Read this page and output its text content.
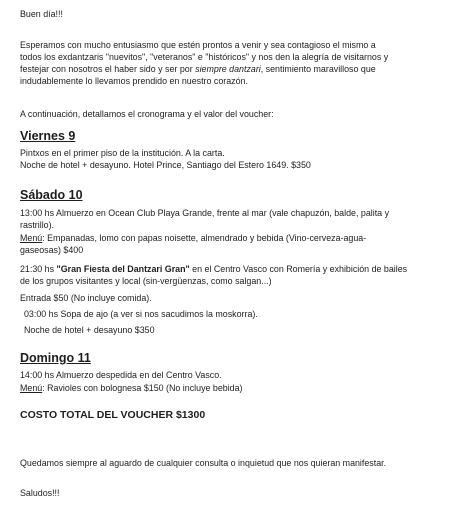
Buen día!!!
Esperamos con mucho entusiasmo que estén prontos a venir y sea contagioso el mismo a
todos los exdantzaris "nuevitos", "veteranos" e "históricos" y nos den la alegría de visitarnos y
festejar con nosotros el haber sido y ser por siempre dantzari, sentimiento maravilloso que
indudablemente lo llevamos prendido en nuestro corazón.
A continuación, detallamos el cronograma y el valor del voucher:
Viernes 9
Pintxos en el primer piso de la institución. A la carta.
Noche de hotel + desayuno. Hotel Prince, Santiago del Estero 1649. $350
Sábado 10
13:00 hs Almuerzo en Ocean Club Playa Grande, frente al mar (vale chapuzón, balde, palita y
rastrillo).
Menú: Empanadas, lomo con papas noisette, almendrado y bebida (Vino-cerveza-agua-
gaseosas) $400
21:30 hs "Gran Fiesta del Dantzari Gran" en el Centro Vasco con Romería y exhibición de bailes
de los grupos visitantes y local (sin-vergüenzas, como salgan...)
Entrada $50 (No incluye comida).
03:00 hs Sopa de ajo (a ver si nos sacudimos la moskorra).
Noche de hotel + desayuno $350
Domingo 11
14:00 hs Almuerzo despedida en del Centro Vasco.
Menú: Ravioles con bolognesa $150 (No incluye bebida)
COSTO TOTAL DEL VOUCHER $1300
Quedamos siempre al aguardo de cualquier consulta o inquietud que nos quieran manifestar.
Saludos!!!
